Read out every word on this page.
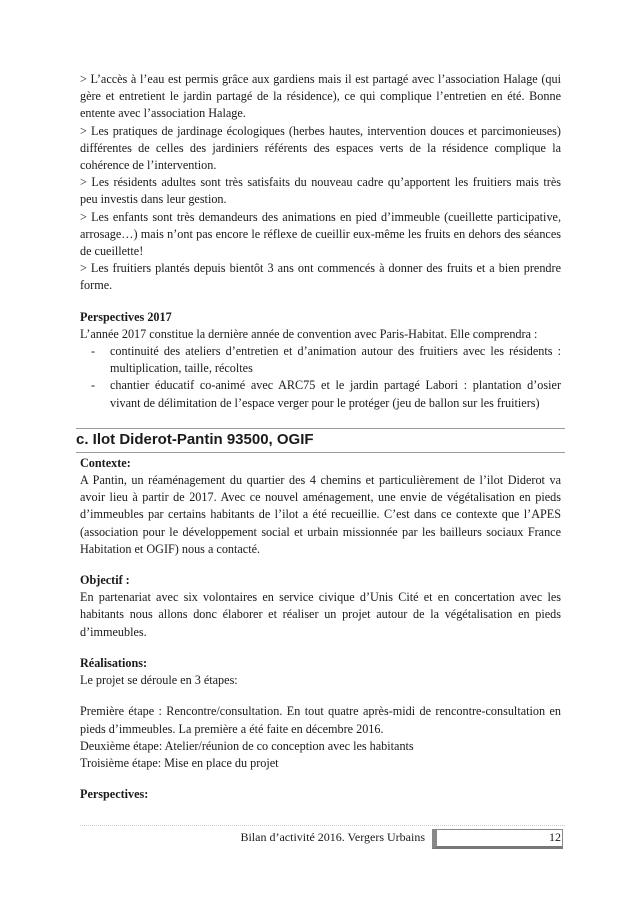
> L’accès à l’eau est permis grâce aux gardiens mais il est partagé avec l’association Halage (qui gère et entretient le jardin partagé de la résidence), ce qui complique l’entretien en été. Bonne entente avec l’association Halage.

> Les pratiques de jardinage écologiques (herbes hautes, intervention douces et parcimonieuses) différentes de celles des jardiniers référents des espaces verts de la résidence complique la cohérence de l’intervention.

> Les résidents adultes sont très satisfaits du nouveau cadre qu’apportent les fruitiers mais très peu investis dans leur gestion.

> Les enfants sont très demandeurs des animations en pied d’immeuble (cueillette participative, arrosage…) mais n’ont pas encore le réflexe de cueillir eux-même les fruits en dehors des séances de cueillette!

> Les fruitiers plantés depuis bientôt 3 ans ont commencés à donner des fruits et a bien prendre forme.

Perspectives 2017

L’année 2017 constitue la dernière année de convention avec Paris-Habitat. Elle comprendra :

- continuité des ateliers d’entretien et d’animation autour des fruitiers avec les résidents : multiplication, taille, récoltes
- chantier éducatif co-animé avec ARC75 et le jardin partagé Labori : plantation d’osier vivant de délimitation de l’espace verger pour le protéger (jeu de ballon sur les fruitiers)
c. Ilot Diderot-Pantin 93500, OGIF

Contexte:

A Pantin, un réaménagement du quartier des 4 chemins et particulièrement de l’ilot Diderot va avoir lieu à partir de 2017. Avec ce nouvel aménagement, une envie de végétalisation en pieds d’immeubles par certains habitants de l’ilot a été recueillie. C’est dans ce contexte que l’APES (association pour le développement social et urbain missionnée par les bailleurs sociaux France Habitation et OGIF) nous a contacté.

Objectif :

En partenariat avec six volontaires en service civique d’Unis Cité et en concertation avec les habitants nous allons donc élaborer et réaliser un projet autour de la végétalisation en pieds d’immeubles.

Réalisations:

Le projet se déroule en 3 étapes:

Première étape : Rencontre/consultation. En tout quatre après-midi de rencontre-consultation en pieds d’immeubles. La première a été faite en décembre 2016.

Deuxième étape: Atelier/réunion de co conception avec les habitants

Troisième étape: Mise en place du projet

Perspectives:

Bilan d’activité 2016. Vergers Urbains	12
